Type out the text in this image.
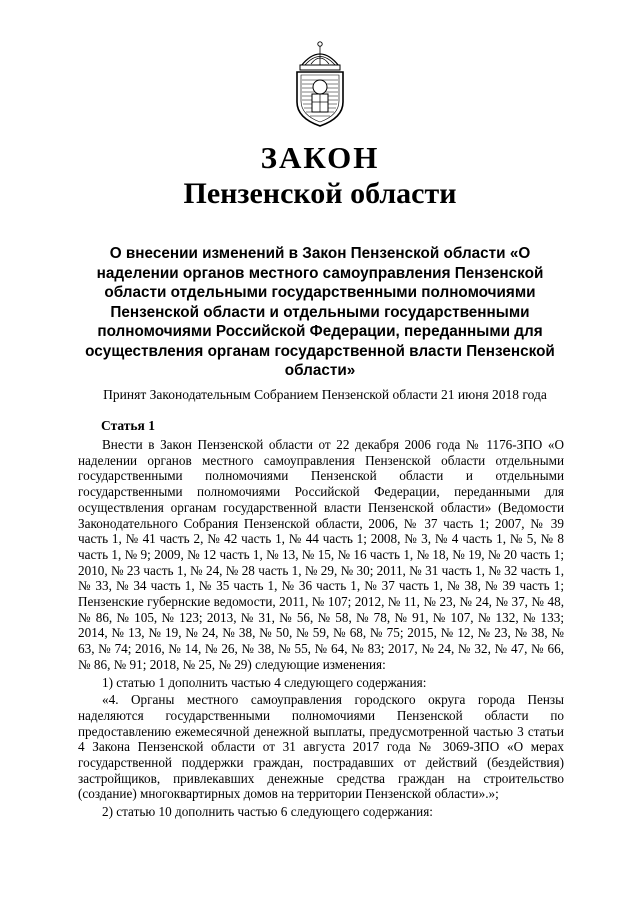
ЗАКОН
Пензенской области
О внесении изменений в Закон Пензенской области «О наделении органов местного самоуправления Пензенской области отдельными государственными полномочиями Пензенской области и отдельными государственными полномочиями Российской Федерации, переданными для осуществления органам государственной власти Пензенской области»
Принят Законодательным Собранием Пензенской области 21 июня 2018 года
Статья 1

Внести в Закон Пензенской области от 22 декабря 2006 года № 1176-ЗПО «О наделении органов местного самоуправления Пензенской области отдельными государственными полномочиями Пензенской области и отдельными государственными полномочиями Российской Федерации, переданными для осуществления органам государственной власти Пензенской области» (Ведомости Законодательного Собрания Пензенской области, 2006, № 37 часть 1; 2007, № 39 часть 1, № 41 часть 2, № 42 часть 1, № 44 часть 1; 2008, № 3, № 4 часть 1, № 5, № 8 часть 1, № 9; 2009, № 12 часть 1, № 13, № 15, № 16 часть 1, № 18, № 19, № 20 часть 1; 2010, № 23 часть 1, № 24, № 28 часть 1, № 29, № 30; 2011, № 31 часть 1, № 32 часть 1, № 33, № 34 часть 1, № 35 часть 1, № 36 часть 1, № 37 часть 1, № 38, № 39 часть 1; Пензенские губернские ведомости, 2011, № 107; 2012, № 11, № 23, № 24, № 37, № 48, № 86, № 105, № 123; 2013, № 31, № 56, № 58, № 78, № 91, № 107, № 132, № 133; 2014, № 13, № 19, № 24, № 38, № 50, № 59, № 68, № 75; 2015, № 12, № 23, № 38, № 63, № 74; 2016, № 14, № 26, № 38, № 55, № 64, № 83; 2017, № 24, № 32, № 47, № 66, № 86, № 91; 2018, № 25, № 29) следующие изменения:

1) статью 1 дополнить частью 4 следующего содержания:

«4. Органы местного самоуправления городского округа города Пензы наделяются государственными полномочиями Пензенской области по предоставлению ежемесячной денежной выплаты, предусмотренной частью 3 статьи 4 Закона Пензенской области от 31 августа 2017 года № 3069-ЗПО «О мерах государственной поддержки граждан, пострадавших от действий (бездействия) застройщиков, привлекавших денежные средства граждан на строительство (создание) многоквартирных домов на территории Пензенской области».»;

2) статью 10 дополнить частью 6 следующего содержания:
